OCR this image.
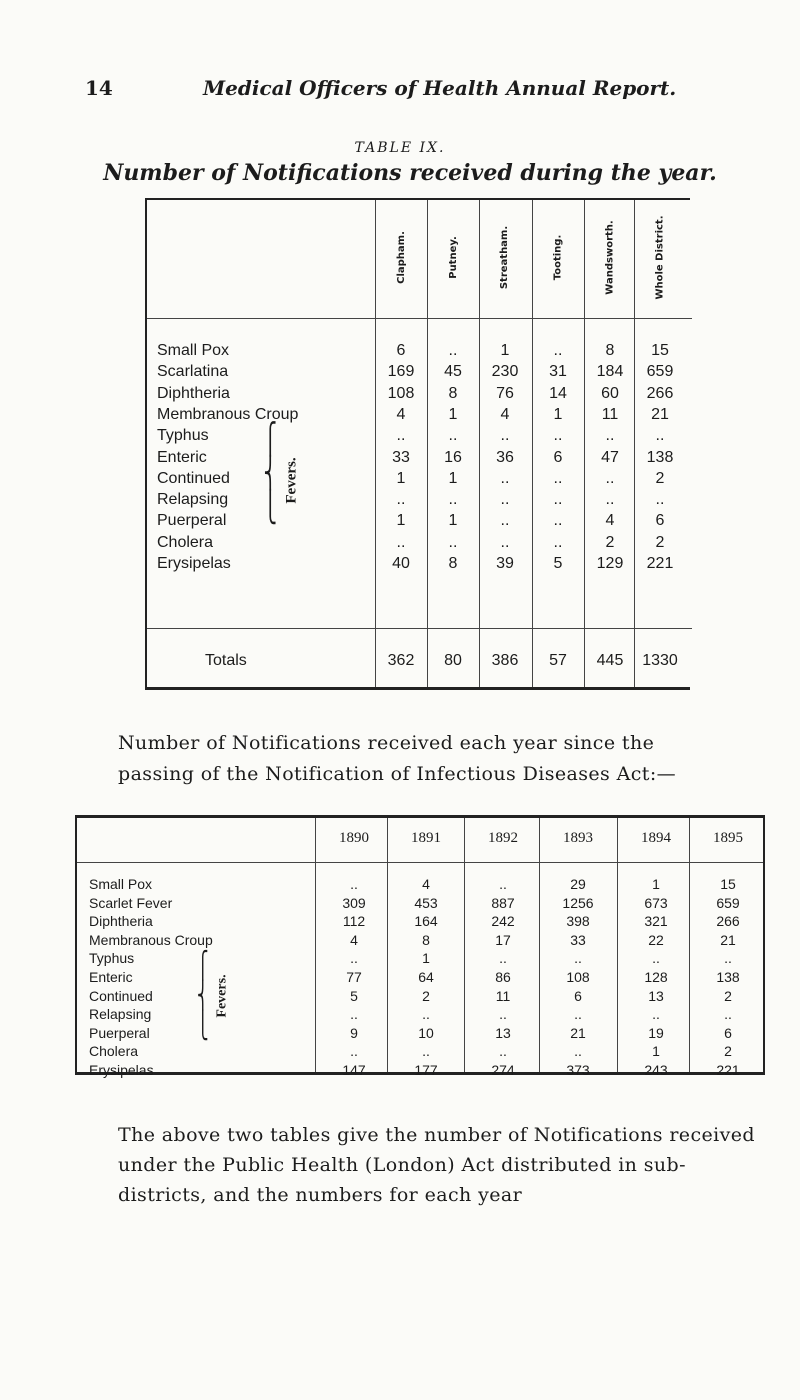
14	Medical Officers of Health Annual Report.
TABLE IX.
Number of Notifications received during the year.
Clapham.	Putney.	Streatham.	Tooting.	Wandsworth.	Whole District.
Small Pox	6	..	1	..	8	15
Scarlatina	169	45	230	31	184	659
Diphtheria	108	8	76	14	60	266
Membranous Croup	4	1	4	1	11	21
Typhus	..	..	..	..	..	..
Enteric	33	16	36	6	47	138
Continued	1	1	..	..	..	2
Relapsing	..	..	..	..	..	..
Puerperal	1	1	..	..	4	6
Cholera	..	..	..	..	2	2
Erysipelas	40	8	39	5	129	221
⎧
⎨
⎩
Fevers.
Totals	362	80	386	57	445	1330
Number of Notifications received each year since the passing of the Notification of Infectious Diseases Act:—
1890	1891	1892	1893	1894	1895
Small Pox	..	4	..	29	1	15
Scarlet Fever	309	453	887	1256	673	659
Diphtheria	112	164	242	398	321	266
Membranous Croup	4	8	17	33	22	21
Typhus	..	1	..	..	..	..
Enteric	77	64	86	108	128	138
Continued	5	2	11	6	13	2
Relapsing	..	..	..	..	..	..
Puerperal	9	10	13	21	19	6
Cholera	..	..	..	..	1	2
Erysipelas	147	177	274	373	243	221
⎧
⎨
⎩
Fevers.
The above two tables give the number of Notifications received under the Public Health (London) Act distributed in sub-districts, and the numbers for each year
